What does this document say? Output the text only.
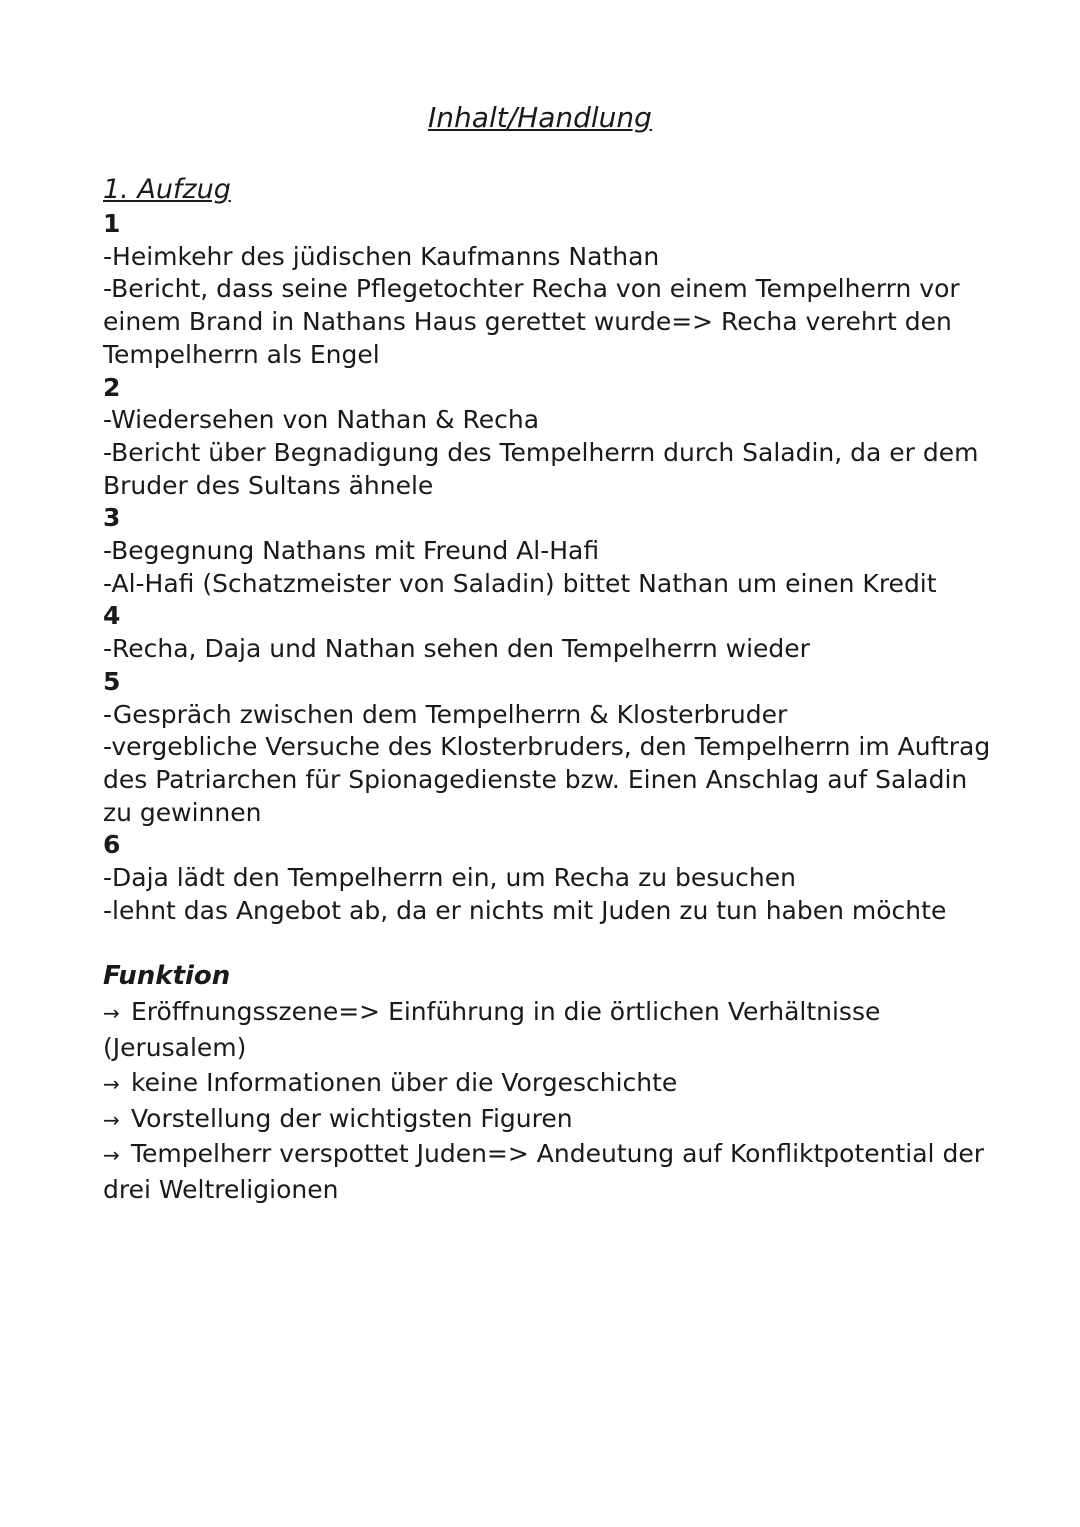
Inhalt/Handlung
1. Aufzug

1

-Heimkehr des jüdischen Kaufmanns Nathan

-Bericht, dass seine Pflegetochter Recha von einem Tempelherrn vor einem Brand in Nathans Haus gerettet wurde=> Recha verehrt den Tempelherrn als Engel

2

-Wiedersehen von Nathan & Recha

-Bericht über Begnadigung des Tempelherrn durch Saladin, da er dem Bruder des Sultans ähnele

3

-Begegnung Nathans mit Freund Al-Hafi

-Al-Hafi (Schatzmeister von Saladin) bittet Nathan um einen Kredit

4

-Recha, Daja und Nathan sehen den Tempelherrn wieder

5

-Gespräch zwischen dem Tempelherrn & Klosterbruder

-vergebliche Versuche des Klosterbruders, den Tempelherrn im Auftrag des Patriarchen für Spionagedienste bzw. Einen Anschlag auf Saladin zu gewinnen

6

-Daja lädt den Tempelherrn ein, um Recha zu besuchen

-lehnt das Angebot ab, da er nichts mit Juden zu tun haben möchte

Funktion

→ Eröffnungsszene=> Einführung in die örtlichen Verhältnisse (Jerusalem)

→ keine Informationen über die Vorgeschichte

→ Vorstellung der wichtigsten Figuren

→ Tempelherr verspottet Juden=> Andeutung auf Konfliktpotential der drei Weltreligionen
